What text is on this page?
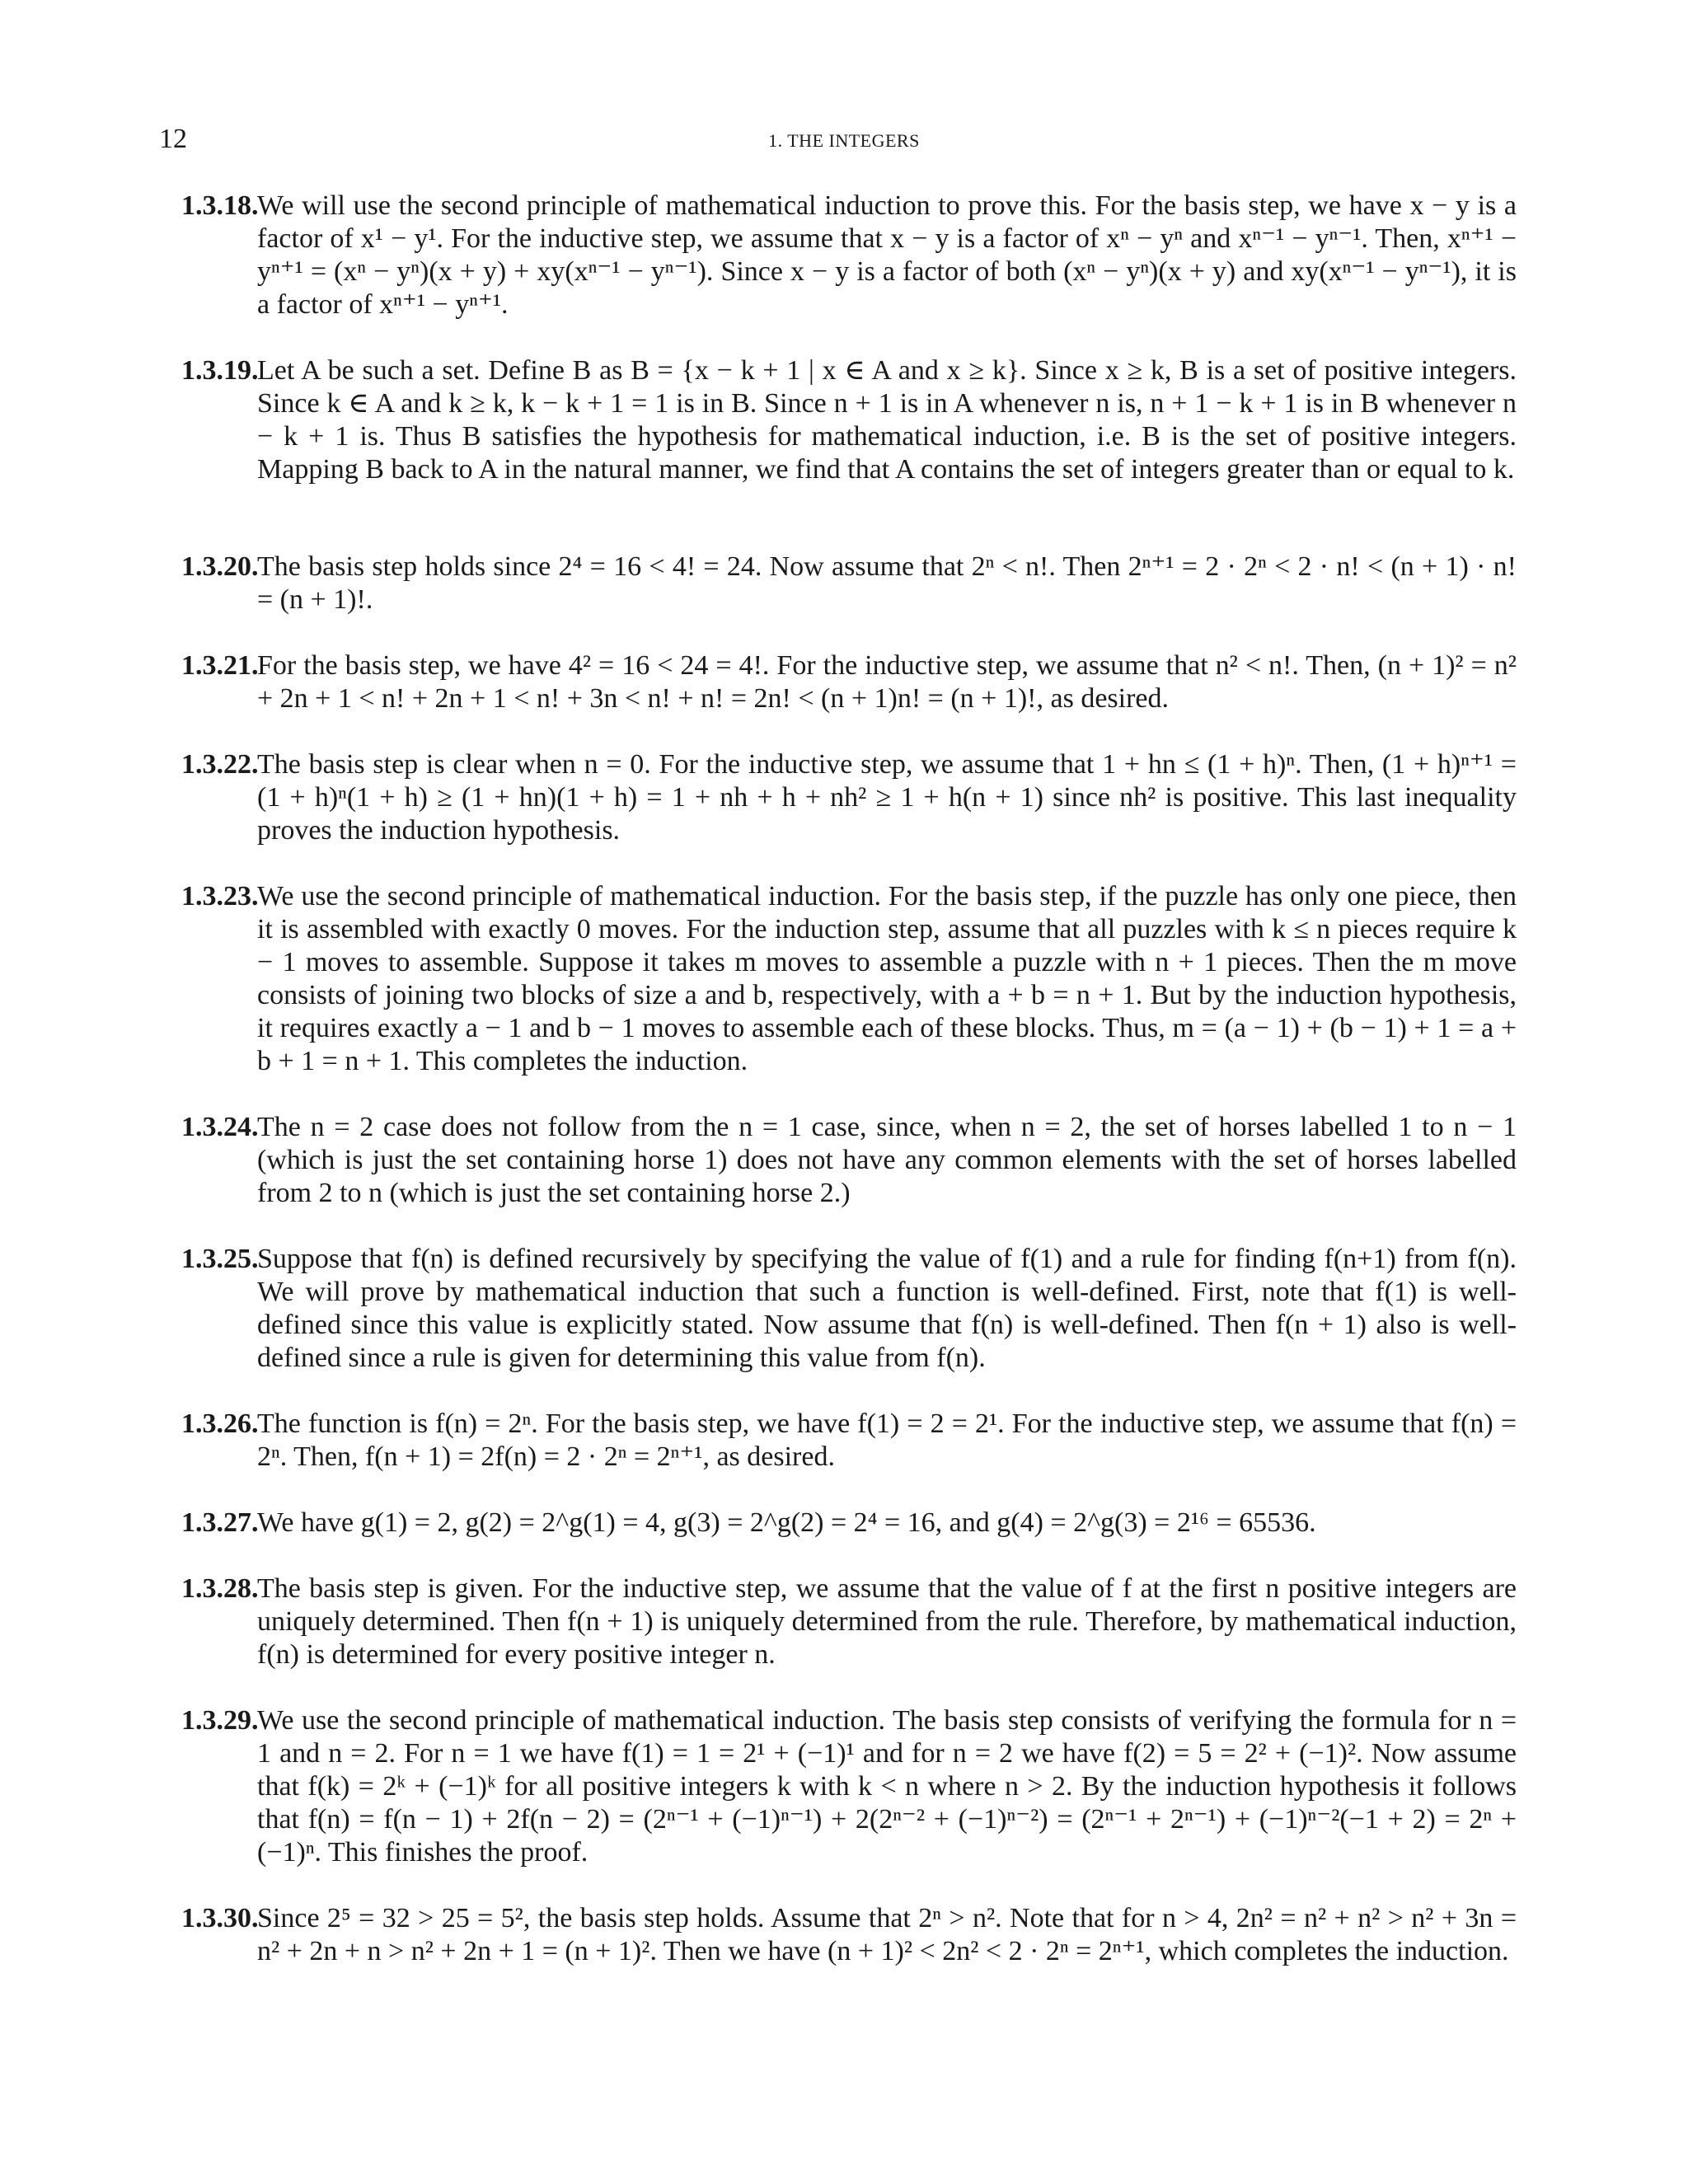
12	1. THE INTEGERS
1.3.18.
We will use the second principle of mathematical induction to prove this. For the basis step, we have x − y is a factor of x¹ − y¹. For the inductive step, we assume that x − y is a factor of xⁿ − yⁿ and xⁿ⁻¹ − yⁿ⁻¹. Then, xⁿ⁺¹ − yⁿ⁺¹ = (xⁿ − yⁿ)(x + y) + xy(xⁿ⁻¹ − yⁿ⁻¹). Since x − y is a factor of both (xⁿ − yⁿ)(x + y) and xy(xⁿ⁻¹ − yⁿ⁻¹), it is a factor of xⁿ⁺¹ − yⁿ⁺¹.
1.3.19.
Let A be such a set. Define B as B = {x − k + 1 | x ∈ A and x ≥ k}. Since x ≥ k, B is a set of positive integers. Since k ∈ A and k ≥ k, k − k + 1 = 1 is in B. Since n + 1 is in A whenever n is, n + 1 − k + 1 is in B whenever n − k + 1 is. Thus B satisfies the hypothesis for mathematical induction, i.e. B is the set of positive integers. Mapping B back to A in the natural manner, we find that A contains the set of integers greater than or equal to k.
1.3.20.
The basis step holds since 2⁴ = 16 < 4! = 24. Now assume that 2ⁿ < n!. Then 2ⁿ⁺¹ = 2 · 2ⁿ < 2 · n! < (n + 1) · n! = (n + 1)!.
1.3.21.
For the basis step, we have 4² = 16 < 24 = 4!. For the inductive step, we assume that n² < n!. Then, (n + 1)² = n² + 2n + 1 < n! + 2n + 1 < n! + 3n < n! + n! = 2n! < (n + 1)n! = (n + 1)!, as desired.
1.3.22.
The basis step is clear when n = 0. For the inductive step, we assume that 1 + hn ≤ (1 + h)ⁿ. Then, (1 + h)ⁿ⁺¹ = (1 + h)ⁿ(1 + h) ≥ (1 + hn)(1 + h) = 1 + nh + h + nh² ≥ 1 + h(n + 1) since nh² is positive. This last inequality proves the induction hypothesis.
1.3.23.
We use the second principle of mathematical induction. For the basis step, if the puzzle has only one piece, then it is assembled with exactly 0 moves. For the induction step, assume that all puzzles with k ≤ n pieces require k − 1 moves to assemble. Suppose it takes m moves to assemble a puzzle with n + 1 pieces. Then the m move consists of joining two blocks of size a and b, respectively, with a + b = n + 1. But by the induction hypothesis, it requires exactly a − 1 and b − 1 moves to assemble each of these blocks. Thus, m = (a − 1) + (b − 1) + 1 = a + b + 1 = n + 1. This completes the induction.
1.3.24.
The n = 2 case does not follow from the n = 1 case, since, when n = 2, the set of horses labelled 1 to n − 1 (which is just the set containing horse 1) does not have any common elements with the set of horses labelled from 2 to n (which is just the set containing horse 2.)
1.3.25.
Suppose that f(n) is defined recursively by specifying the value of f(1) and a rule for finding f(n+1) from f(n). We will prove by mathematical induction that such a function is well-defined. First, note that f(1) is well-defined since this value is explicitly stated. Now assume that f(n) is well-defined. Then f(n + 1) also is well-defined since a rule is given for determining this value from f(n).
1.3.26.
The function is f(n) = 2ⁿ. For the basis step, we have f(1) = 2 = 2¹. For the inductive step, we assume that f(n) = 2ⁿ. Then, f(n + 1) = 2f(n) = 2 · 2ⁿ = 2ⁿ⁺¹, as desired.
1.3.27.
We have g(1) = 2, g(2) = 2^g(1) = 4, g(3) = 2^g(2) = 2⁴ = 16, and g(4) = 2^g(3) = 2¹⁶ = 65536.
1.3.28.
The basis step is given. For the inductive step, we assume that the value of f at the first n positive integers are uniquely determined. Then f(n + 1) is uniquely determined from the rule. Therefore, by mathematical induction, f(n) is determined for every positive integer n.
1.3.29.
We use the second principle of mathematical induction. The basis step consists of verifying the formula for n = 1 and n = 2. For n = 1 we have f(1) = 1 = 2¹ + (−1)¹ and for n = 2 we have f(2) = 5 = 2² + (−1)². Now assume that f(k) = 2ᵏ + (−1)ᵏ for all positive integers k with k < n where n > 2. By the induction hypothesis it follows that f(n) = f(n − 1) + 2f(n − 2) = (2ⁿ⁻¹ + (−1)ⁿ⁻¹) + 2(2ⁿ⁻² + (−1)ⁿ⁻²) = (2ⁿ⁻¹ + 2ⁿ⁻¹) + (−1)ⁿ⁻²(−1 + 2) = 2ⁿ + (−1)ⁿ. This finishes the proof.
1.3.30.
Since 2⁵ = 32 > 25 = 5², the basis step holds. Assume that 2ⁿ > n². Note that for n > 4, 2n² = n² + n² > n² + 3n = n² + 2n + n > n² + 2n + 1 = (n + 1)². Then we have (n + 1)² < 2n² < 2 · 2ⁿ = 2ⁿ⁺¹, which completes the induction.
